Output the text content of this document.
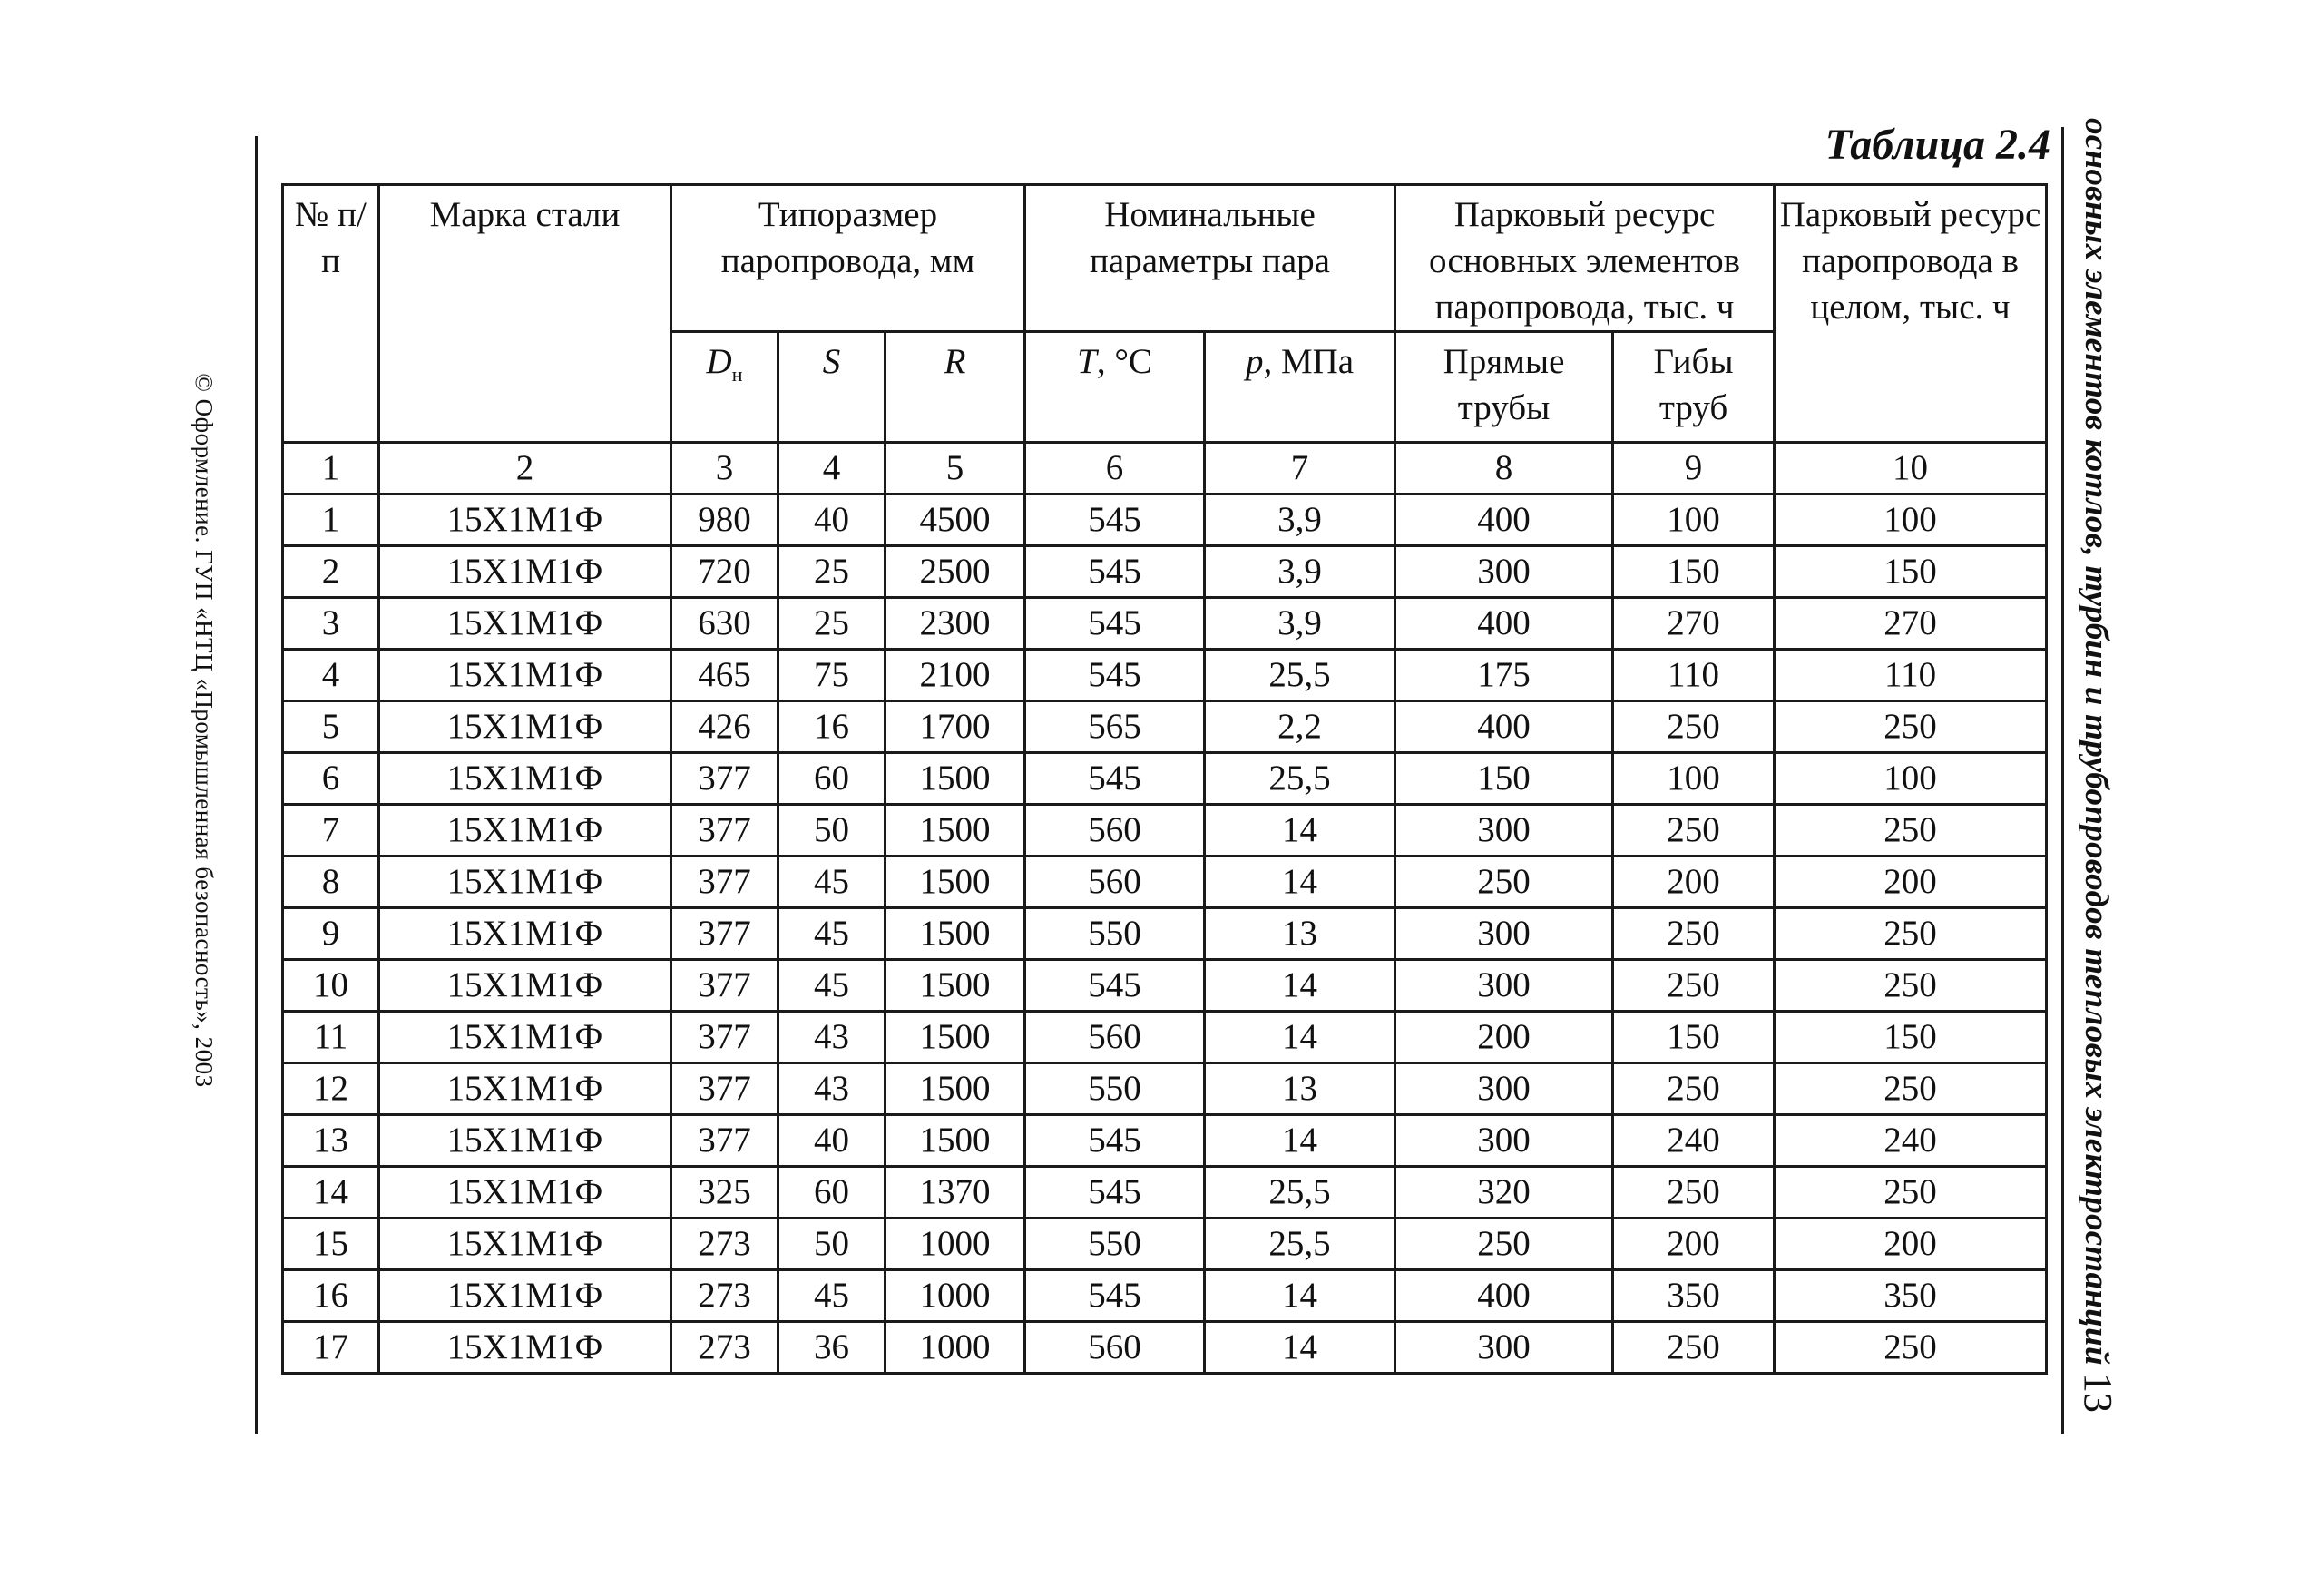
© Оформление. ГУП «НТЦ «Промышленная безопасность», 2003	основных элементов котлов, турбин и трубопроводов тепловых электростанций
13
Таблица 2.4
№ п/п	Марка стали	Типоразмер паропровода, мм			Номинальные параметры пара		Парковый ресурс основных элементов паропровода, тыс. ч		Парковый ресурс паропровода в целом, тыс. ч
		$D_н$	S	R	T, °С	p, МПа	Прямые трубы	Гибы труб	
1	2	3	4	5	6	7	8	9	10
1	15Х1М1Ф	980	40	4500	545	3,9	400	100	100
2	15Х1М1Ф	720	25	2500	545	3,9	300	150	150
3	15Х1М1Ф	630	25	2300	545	3,9	400	270	270
4	15Х1М1Ф	465	75	2100	545	25,5	175	110	110
5	15Х1М1Ф	426	16	1700	565	2,2	400	250	250
6	15Х1М1Ф	377	60	1500	545	25,5	150	100	100
7	15Х1М1Ф	377	50	1500	560	14	300	250	250
8	15Х1М1Ф	377	45	1500	560	14	250	200	200
9	15Х1М1Ф	377	45	1500	550	13	300	250	250
10	15Х1М1Ф	377	45	1500	545	14	300	250	250
11	15Х1М1Ф	377	43	1500	560	14	200	150	150
12	15Х1М1Ф	377	43	1500	550	13	300	250	250
13	15Х1М1Ф	377	40	1500	545	14	300	240	240
14	15Х1М1Ф	325	60	1370	545	25,5	320	250	250
15	15Х1М1Ф	273	50	1000	550	25,5	250	200	200
16	15Х1М1Ф	273	45	1000	545	14	400	350	350
17	15Х1М1Ф	273	36	1000	560	14	300	250	250
